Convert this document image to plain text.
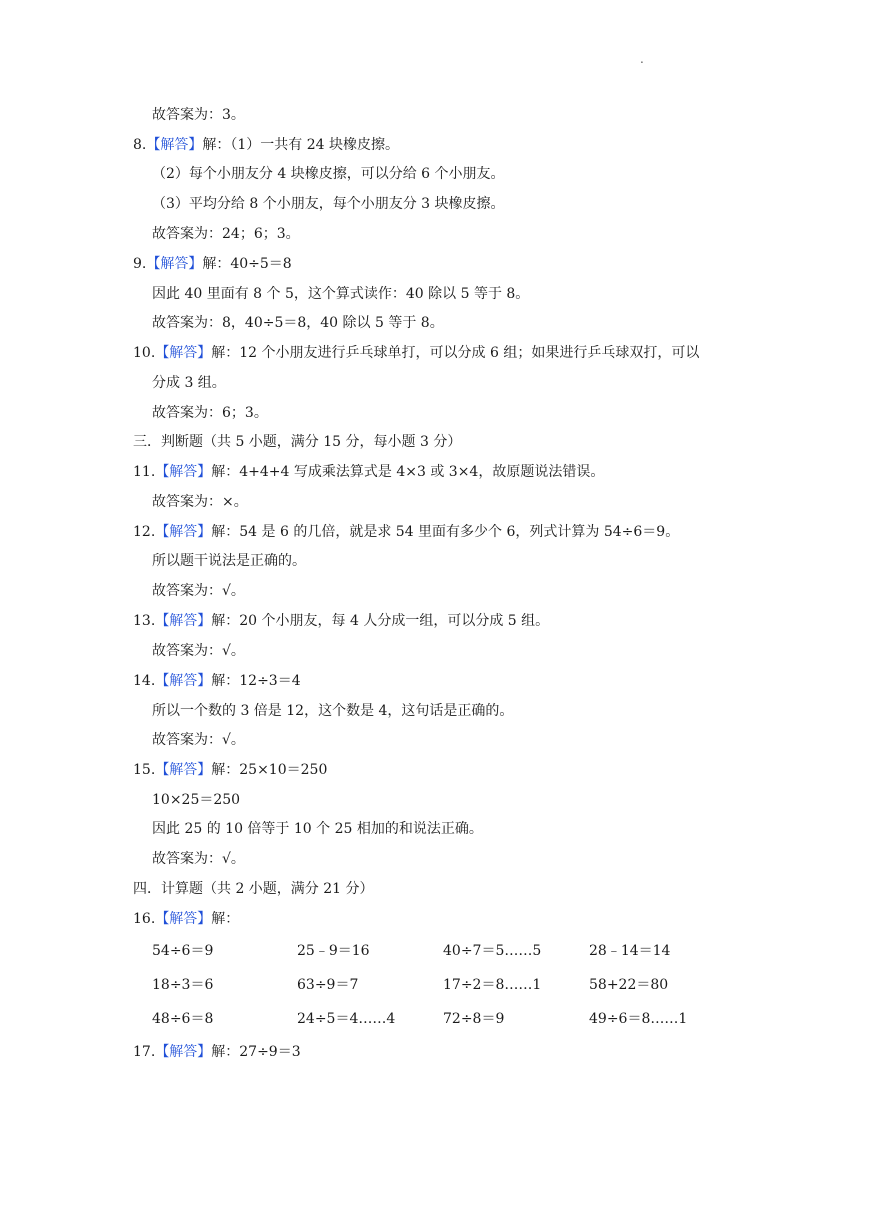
.
故答案为：3。
8.【解答】解：（1）一共有 24 块橡皮擦。
（2）每个小朋友分 4 块橡皮擦，可以分给 6 个小朋友。
（3）平均分给 8 个小朋友，每个小朋友分 3 块橡皮擦。
故答案为：24；6；3。
9.【解答】解：40÷5＝8
因此 40 里面有 8 个 5，这个算式读作：40 除以 5 等于 8。
故答案为：8，40÷5＝8，40 除以 5 等于 8。
10.【解答】解：12 个小朋友进行乒乓球单打，可以分成 6 组；如果进行乒乓球双打，可以
分成 3 组。
故答案为：6；3。
三．判断题（共 5 小题，满分 15 分，每小题 3 分）
11.【解答】解：4+4+4 写成乘法算式是 4×3 或 3×4，故原题说法错误。
故答案为：×。
12.【解答】解：54 是 6 的几倍，就是求 54 里面有多少个 6，列式计算为 54÷6＝9。
所以题干说法是正确的。
故答案为：√。
13.【解答】解：20 个小朋友，每 4 人分成一组，可以分成 5 组。
故答案为：√。
14.【解答】解：12÷3＝4
所以一个数的 3 倍是 12，这个数是 4，这句话是正确的。
故答案为：√。
15.【解答】解：25×10＝250
10×25＝250
因此 25 的 10 倍等于 10 个 25 相加的和说法正确。
故答案为：√。
四．计算题（共 2 小题，满分 21 分）
16.【解答】解：
54÷6＝9	25﹣9＝16	40÷7＝5……5	28﹣14＝14
18÷3＝6	63÷9＝7	17÷2＝8……1	58+22＝80
48÷6＝8	24÷5＝4……4	72÷8＝9	49÷6＝8……1
17.【解答】解：27÷9＝3
